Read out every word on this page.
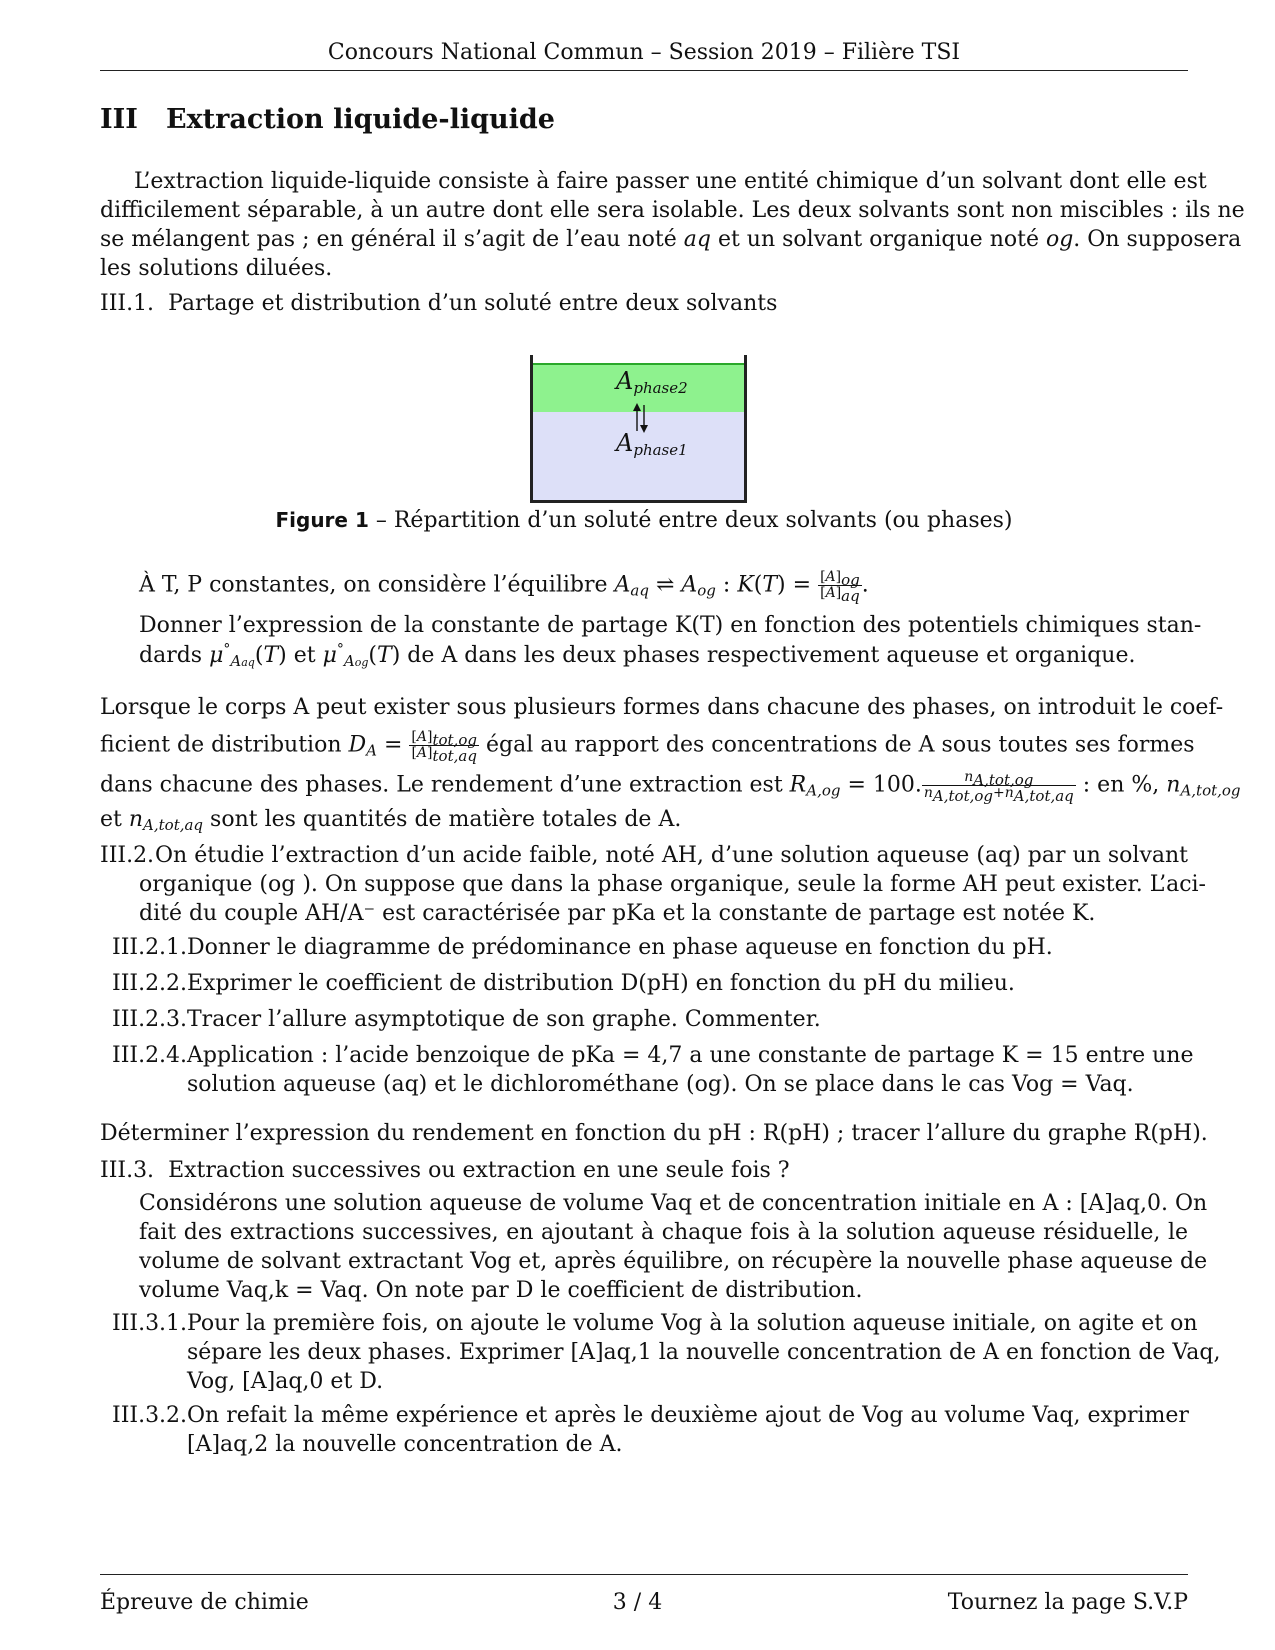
Concours National Commun – Session 2019 – Filière TSI
III Extraction liquide-liquide
L’extraction liquide-liquide consiste à faire passer une entité chimique d’un solvant dont elle est
difficilement séparable, à un autre dont elle sera isolable. Les deux solvants sont non miscibles : ils ne
se mélangent pas ; en général il s’agit de l’eau noté aq et un solvant organique noté og. On supposera
les solutions diluées.
III.1. Partage et distribution d’un soluté entre deux solvants
$A_{phase2}$
$A_{phase1}$
Figure 1 – Répartition d’un soluté entre deux solvants (ou phases)
À T, P constantes, on considère l’équilibre $A_{aq}$ ⇌ $A_{og}$ : $K(T) = \frac{[A]_{og}}{[A]_{aq}}$ .
Donner l’expression de la constante de partage K(T) en fonction des potentiels chimiques stan-
dards $\mu^\circ_{Aaq}(T)$ et $\mu^\circ_{Aog}(T)$ de A dans les deux phases respectivement aqueuse et organique.
Lorsque le corps A peut exister sous plusieurs formes dans chacune des phases, on introduit le coef-
ficient de distribution $D_A = \frac{[A]_{tot,og}}{[A]_{tot,aq}}$ égal au rapport des concentrations de A sous toutes ses formes
dans chacune des phases. Le rendement d’une extraction est $R_{A,og} = 100$. $\frac{n_{A,tot,og}}{n_{A,tot,og}+n_{A,tot,aq}}$ : en %, $n_{A,tot,og}$
et $n_{A,tot,aq}$ sont les quantités de matière totales de A.
III.2. On étudie l’extraction d’un acide faible, noté AH, d’une solution aqueuse (aq) par un solvant
organique (og ). On suppose que dans la phase organique, seule la forme AH peut exister. L’aci-
dité du couple AH/A⁻ est caractérisée par pKa et la constante de partage est notée K.
III.2.1. Donner le diagramme de prédominance en phase aqueuse en fonction du pH.
III.2.2. Exprimer le coefficient de distribution D(pH) en fonction du pH du milieu.
III.2.3. Tracer l’allure asymptotique de son graphe. Commenter.
III.2.4. Application : l’acide benzoique de pKa = 4,7 a une constante de partage K = 15 entre une
solution aqueuse (aq) et le dichlorométhane (og). On se place dans le cas Vog = Vaq.
Déterminer l’expression du rendement en fonction du pH : R(pH) ; tracer l’allure du graphe R(pH).
III.3. Extraction successives ou extraction en une seule fois ?
Considérons une solution aqueuse de volume Vaq et de concentration initiale en A : [A]aq,0. On
fait des extractions successives, en ajoutant à chaque fois à la solution aqueuse résiduelle, le
volume de solvant extractant Vog et, après équilibre, on récupère la nouvelle phase aqueuse de
volume Vaq,k = Vaq. On note par D le coefficient de distribution.
III.3.1. Pour la première fois, on ajoute le volume Vog à la solution aqueuse initiale, on agite et on
sépare les deux phases. Exprimer [A]aq,1 la nouvelle concentration de A en fonction de Vaq,
Vog, [A]aq,0 et D.
III.3.2. On refait la même expérience et après le deuxième ajout de Vog au volume Vaq, exprimer
[A]aq,2 la nouvelle concentration de A.
Épreuve de chimie	3 / 4	Tournez la page S.V.P
